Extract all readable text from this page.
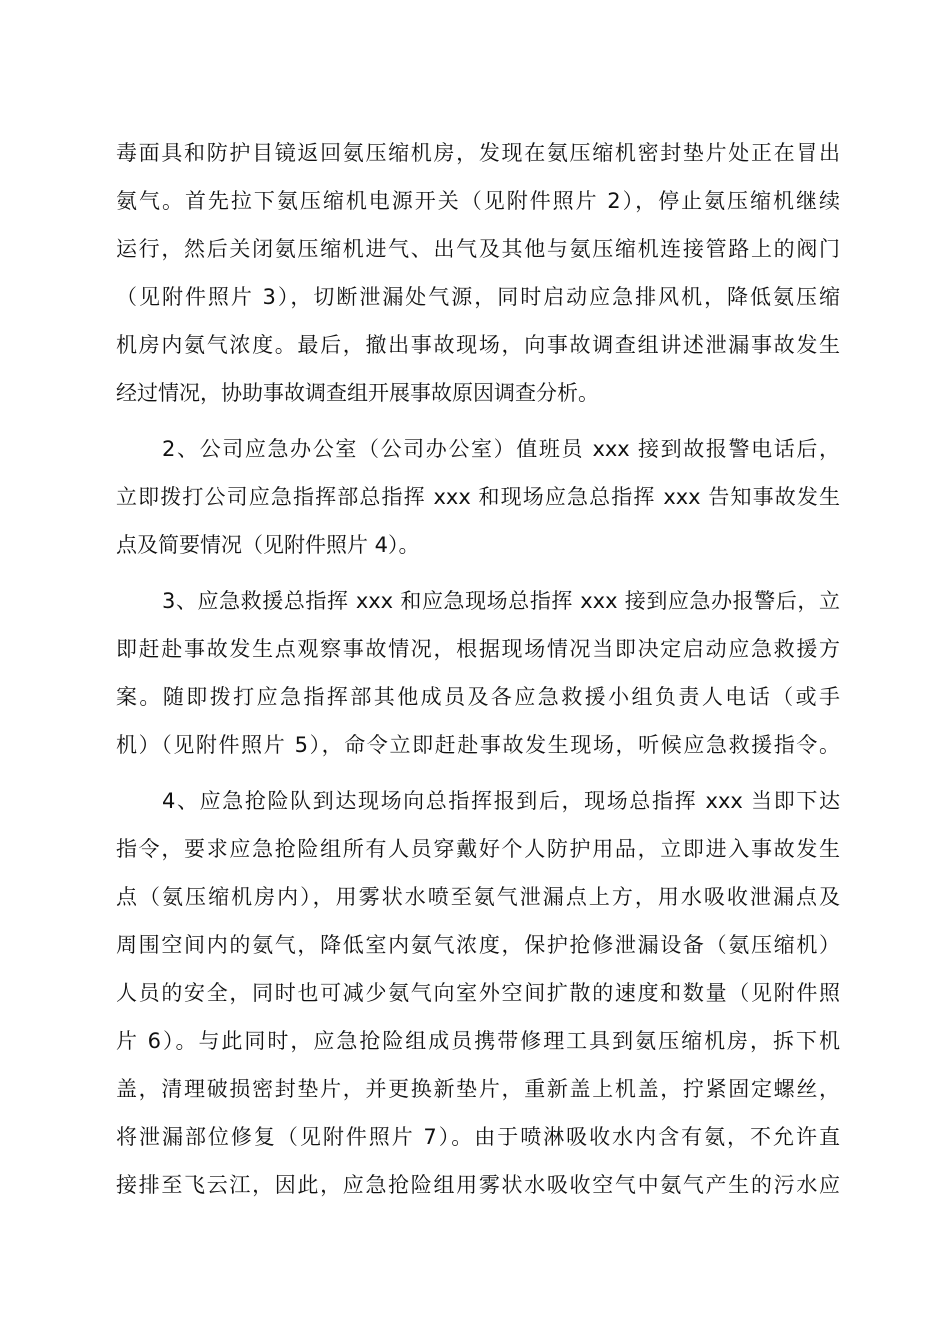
毒面具和防护目镜返回氨压缩机房，发现在氨压缩机密封垫片处正在冒出

氨气。首先拉下氨压缩机电源开关（见附件照片 2），停止氨压缩机继续

运行，然后关闭氨压缩机进气、出气及其他与氨压缩机连接管路上的阀门

（见附件照片 3），切断泄漏处气源，同时启动应急排风机，降低氨压缩

机房内氨气浓度。最后，撤出事故现场，向事故调查组讲述泄漏事故发生

经过情况，协助事故调查组开展事故原因调查分析。

2、公司应急办公室（公司办公室）值班员 xxx 接到故报警电话后，

立即拨打公司应急指挥部总指挥 xxx 和现场应急总指挥 xxx 告知事故发生

点及简要情况（见附件照片 4）。

3、应急救援总指挥 xxx 和应急现场总指挥 xxx 接到应急办报警后，立

即赶赴事故发生点观察事故情况，根据现场情况当即决定启动应急救援方

案。随即拨打应急指挥部其他成员及各应急救援小组负责人电话（或手

机）（见附件照片 5），命令立即赶赴事故发生现场，听候应急救援指令。

4、应急抢险队到达现场向总指挥报到后，现场总指挥 xxx 当即下达

指令，要求应急抢险组所有人员穿戴好个人防护用品，立即进入事故发生

点（氨压缩机房内），用雾状水喷至氨气泄漏点上方，用水吸收泄漏点及

周围空间内的氨气，降低室内氨气浓度，保护抢修泄漏设备（氨压缩机）

人员的安全，同时也可减少氨气向室外空间扩散的速度和数量（见附件照

片 6）。与此同时，应急抢险组成员携带修理工具到氨压缩机房，拆下机

盖，清理破损密封垫片，并更换新垫片，重新盖上机盖，拧紧固定螺丝，

将泄漏部位修复（见附件照片 7）。由于喷淋吸收水内含有氨，不允许直

接排至飞云江，因此，应急抢险组用雾状水吸收空气中氨气产生的污水应
